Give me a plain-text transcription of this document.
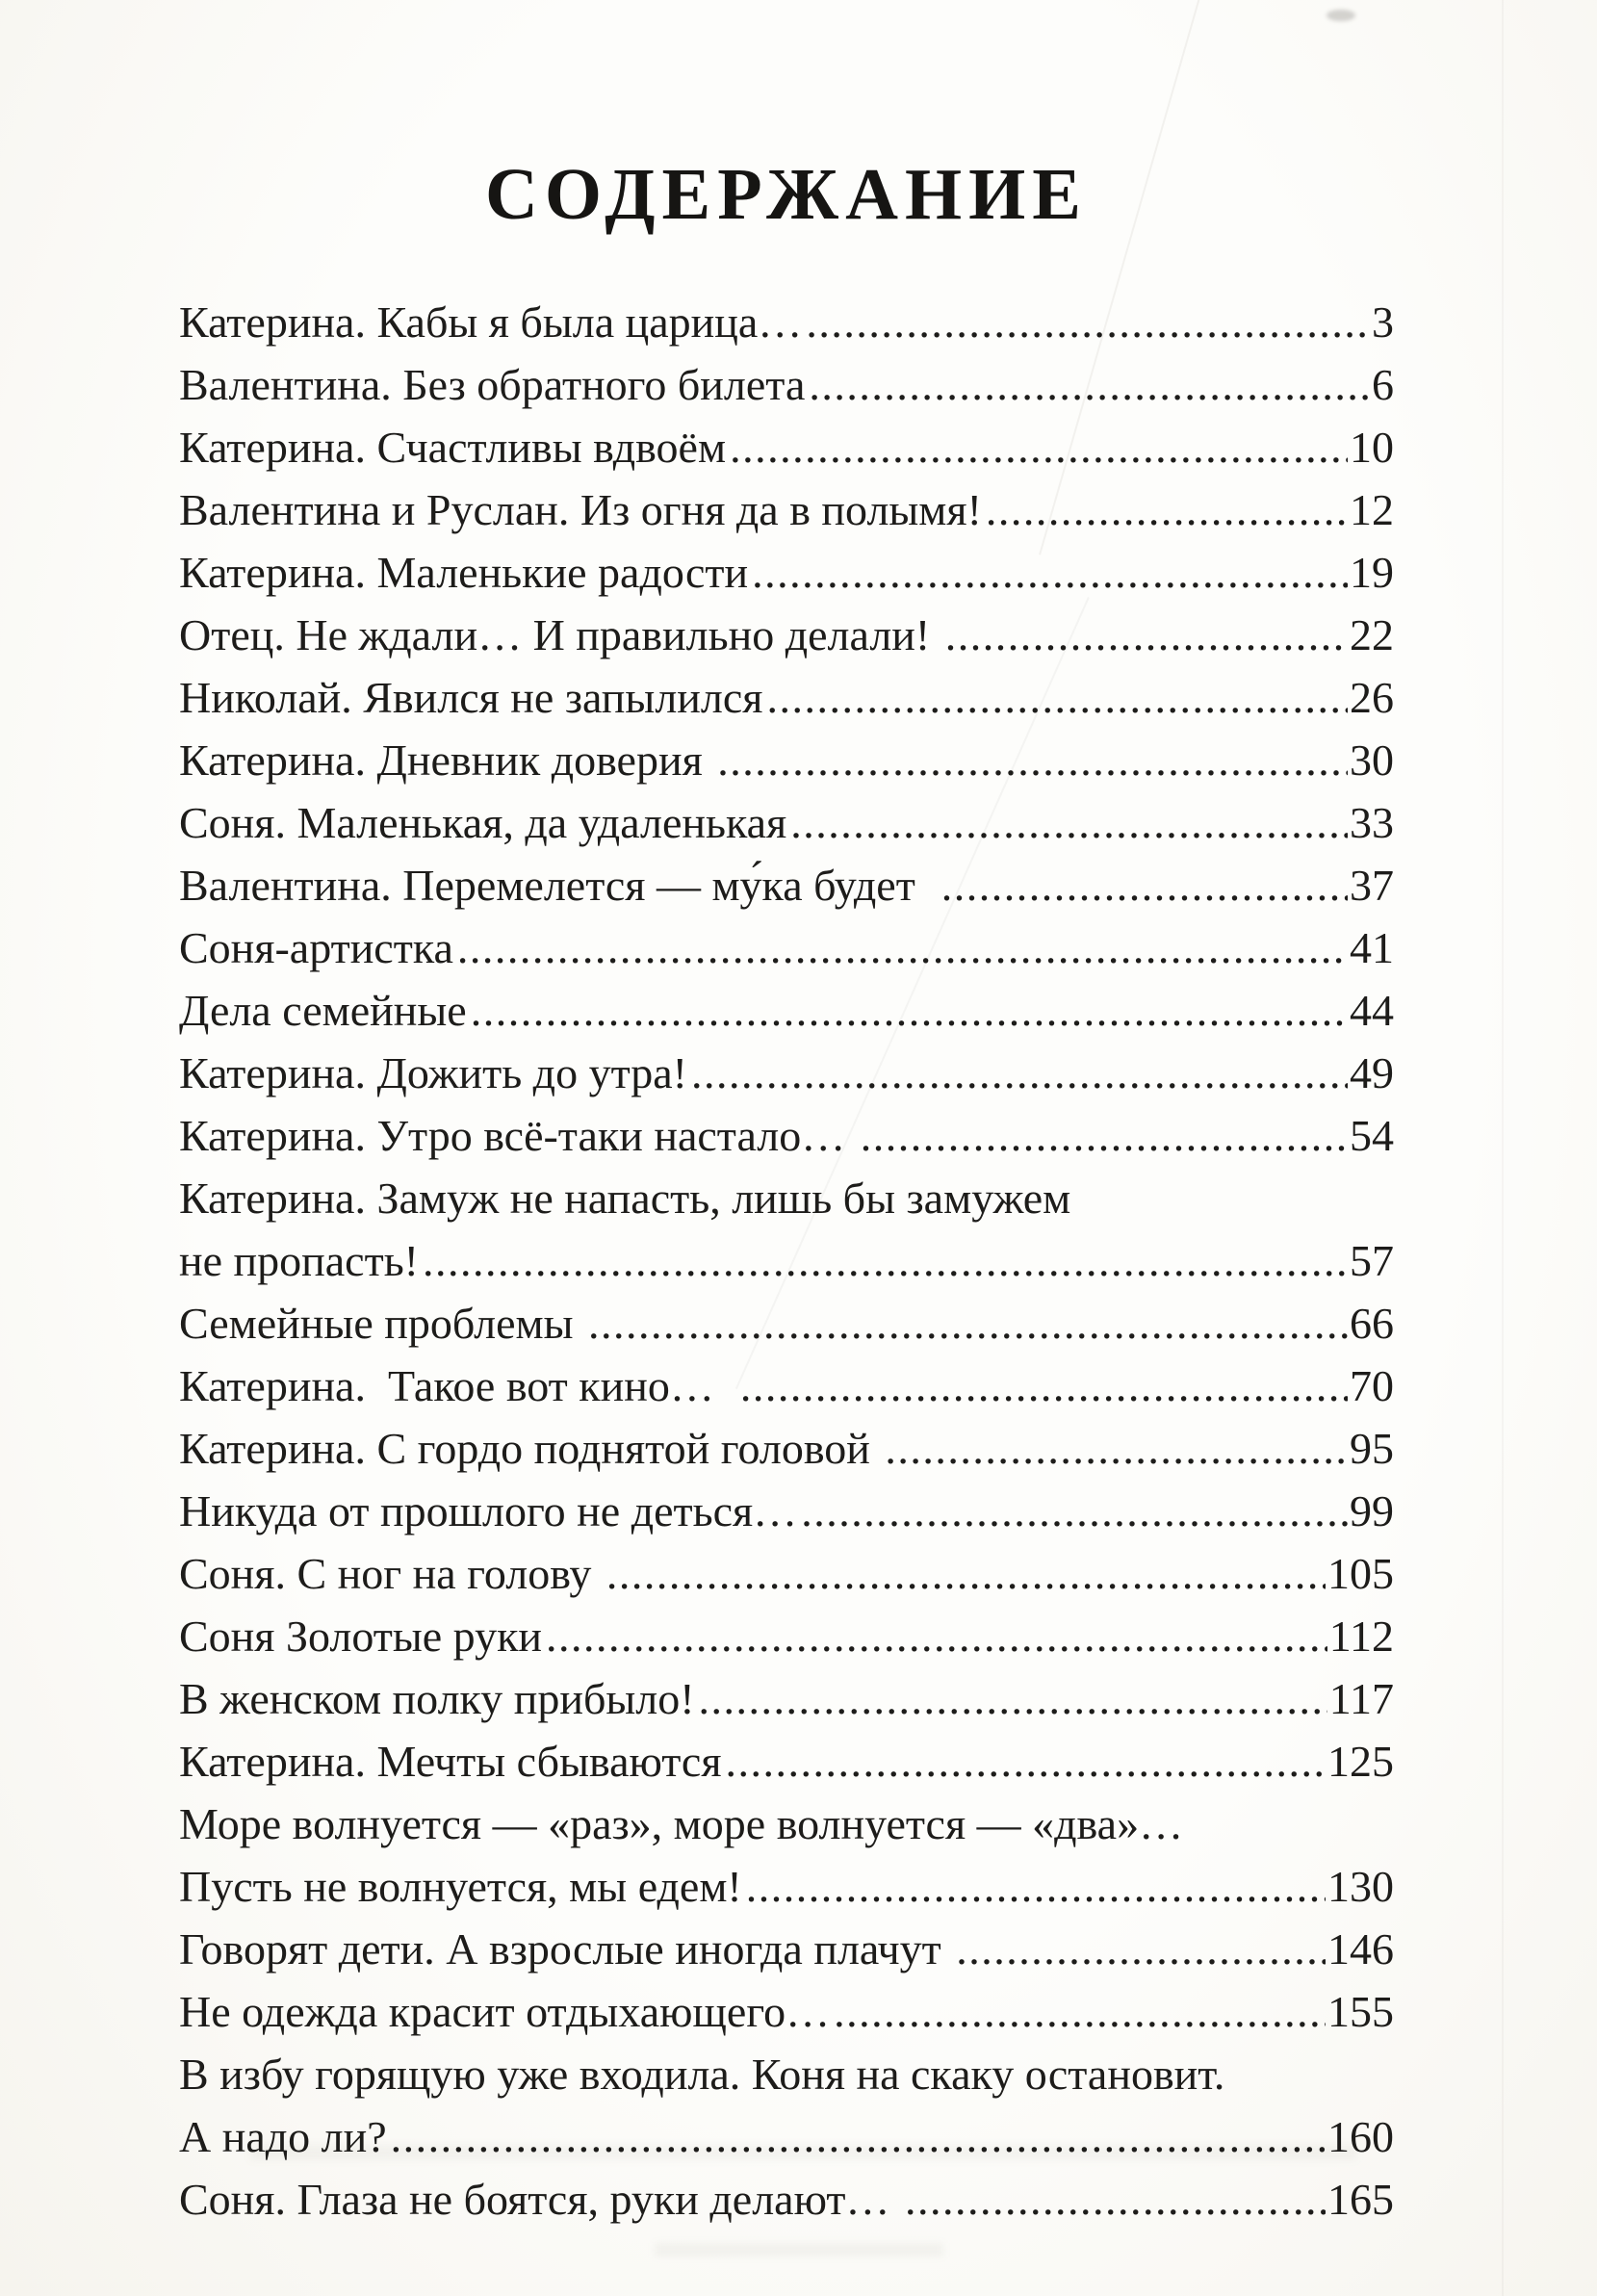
СОДЕРЖАНИЕ
Катерина. Кабы я была царица… .....	3
Валентина. Без обратного билета .....	6
Катерина. Счастливы вдвоём .....	10
Валентина и Руслан. Из огня да в полымя! .....	12
Катерина. Маленькие радости .....	19
Отец. Не ждали… И правильно делали! .....	22
Николай. Явился не запылился .....	26
Катерина. Дневник доверия .....	30
Соня. Маленькая, да удаленькая .....	33
Валентина. Перемелется — му́ка будет .....	37
Соня-артистка .....	41
Дела семейные .....	44
Катерина. Дожить до утра! .....	49
Катерина. Утро всё-таки настало… .....	54
Катерина. Замуж не напасть, лишь бы замужем
не пропасть! .....	57
Семейные проблемы .....	66
Катерина.  Такое вот кино… .....	70
Катерина. С гордо поднятой головой .....	95
Никуда от прошлого не деться… .....	99
Соня. С ног на голову .....	105
Соня Золотые руки .....	112
В женском полку прибыло! .....	117
Катерина. Мечты сбываются .....	125
Море волнуется — «раз», море волнуется — «два»…
Пусть не волнуется, мы едем! .....	130
Говорят дети. А взрослые иногда плачут .....	146
Не одежда красит отдыхающего… .....	155
В избу горящую уже входила. Коня на скаку остановит.
А надо ли? .....	160
Соня. Глаза не боятся, руки делают… .....	165
